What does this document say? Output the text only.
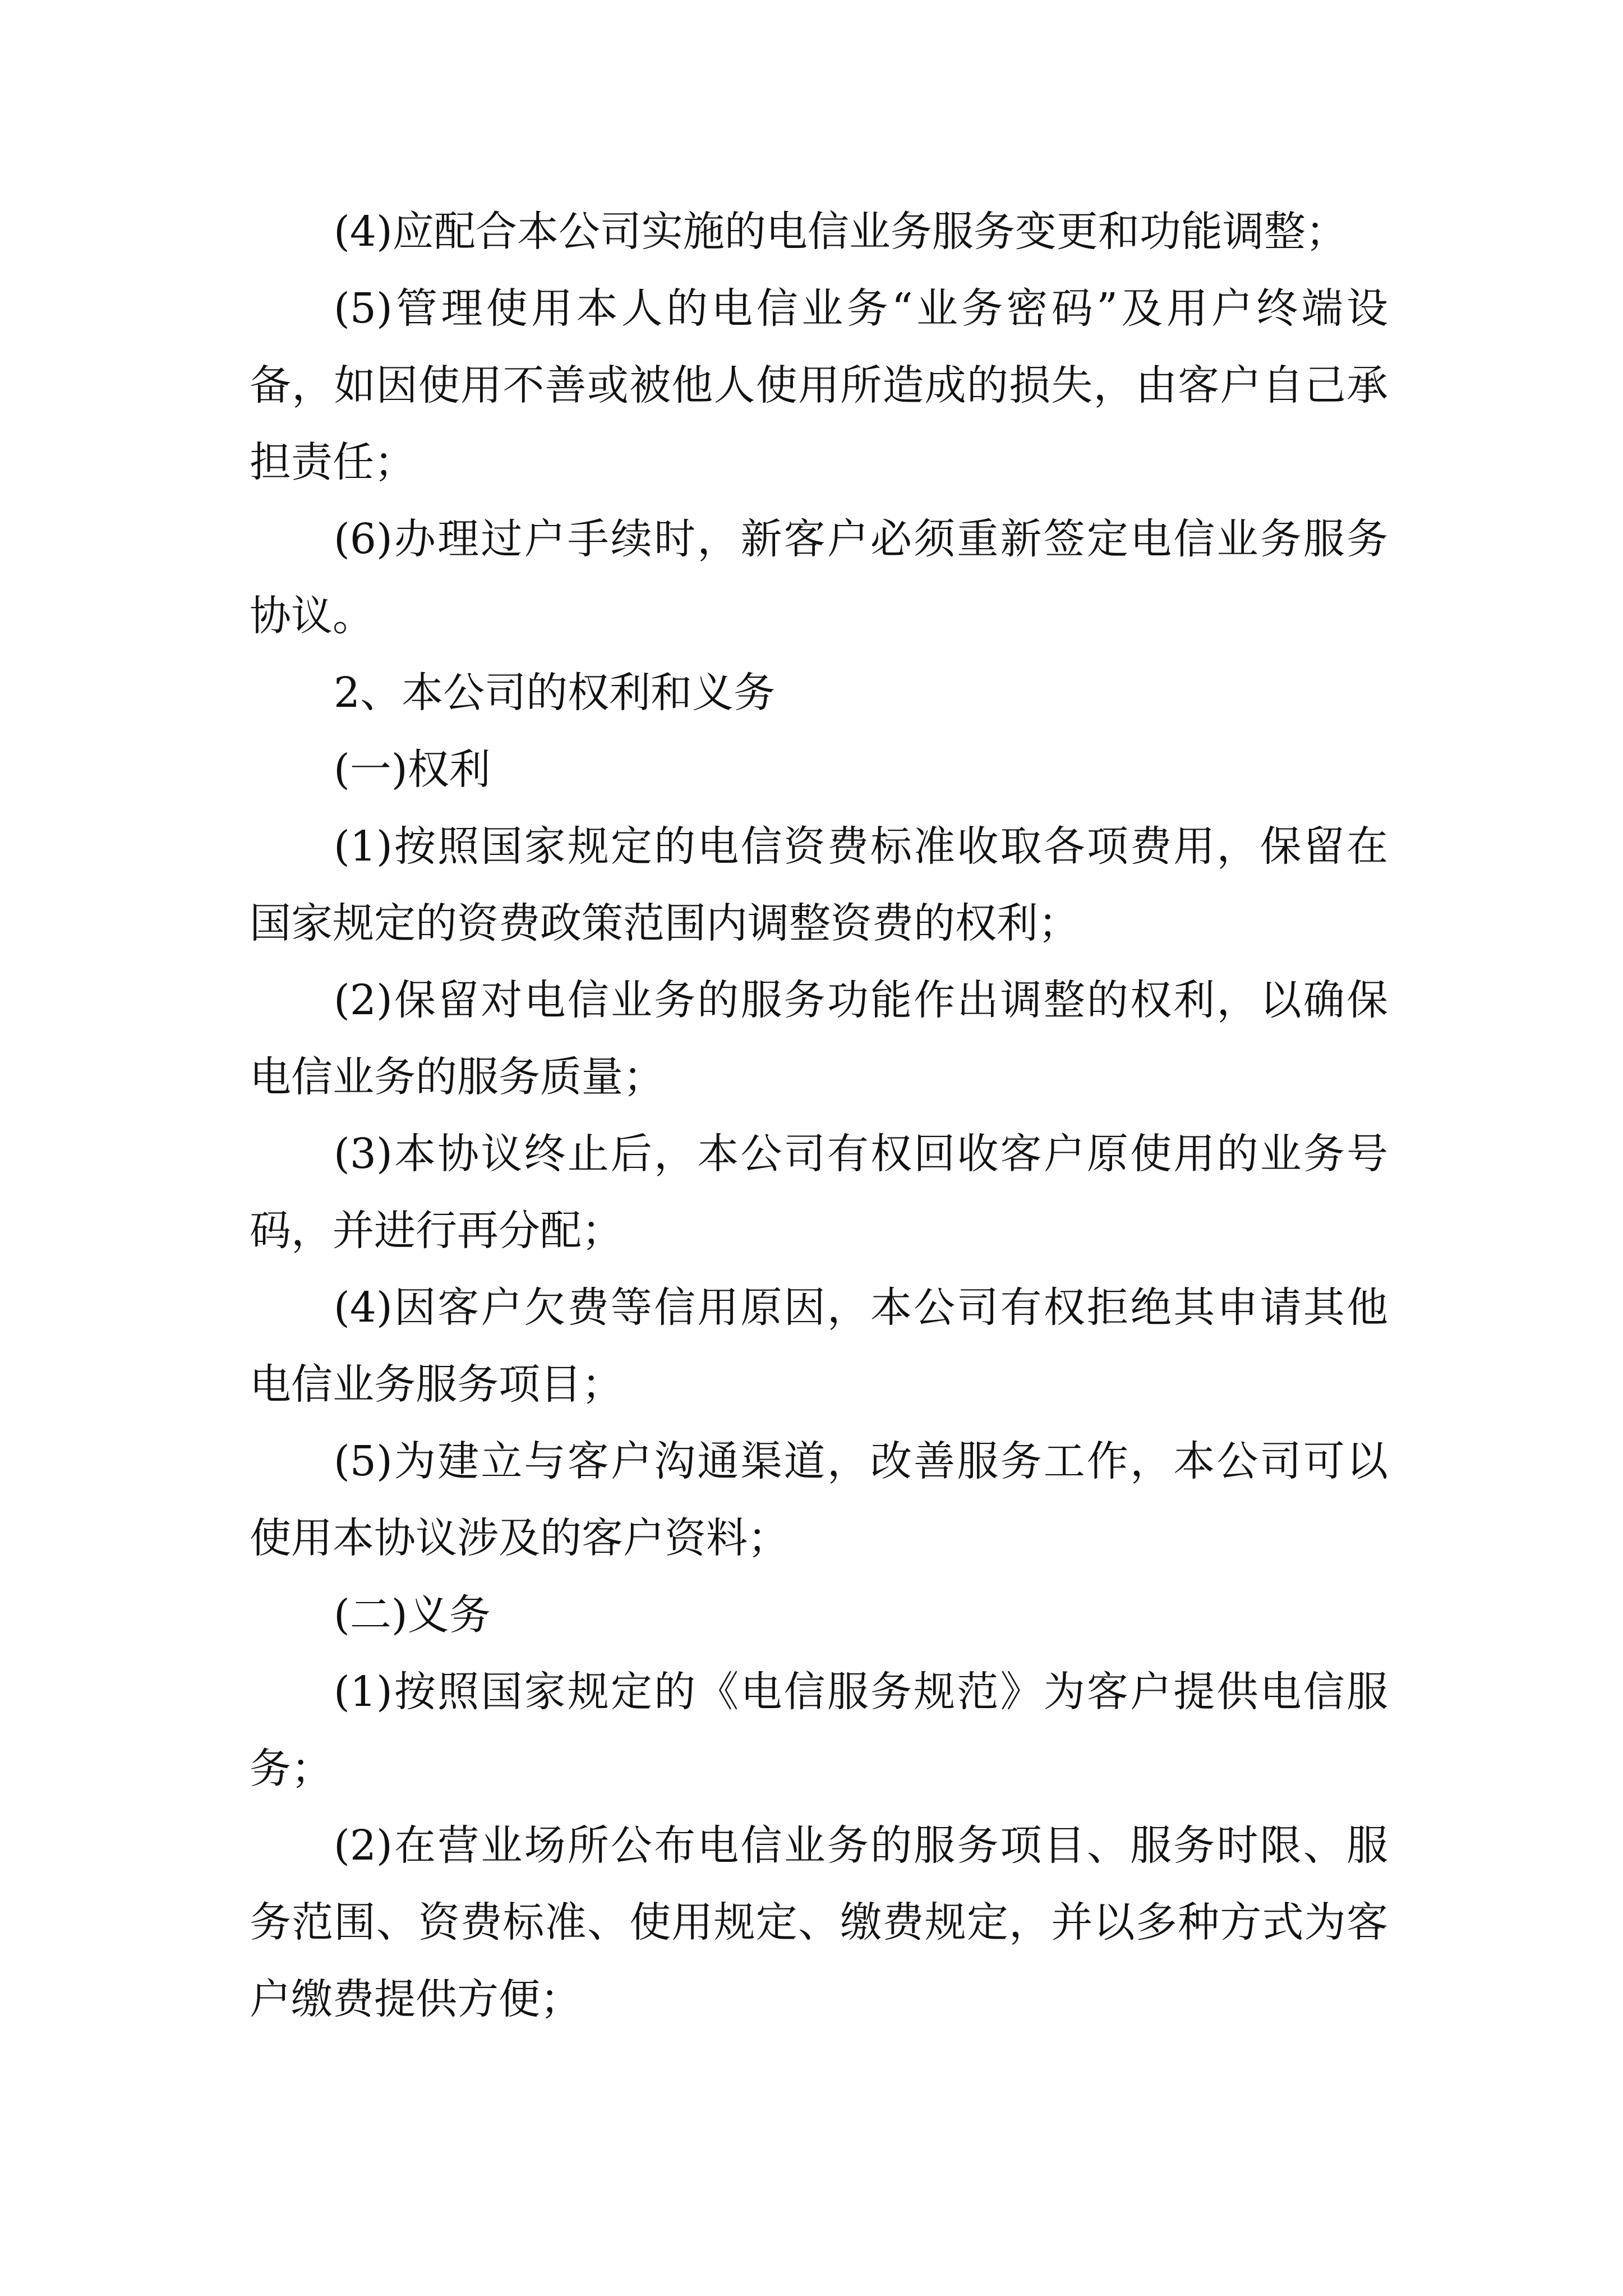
(4)应配合本公司实施的电信业务服务变更和功能调整；

(5)管理使用本人的电信业务“业务密码”及用户终端设备，如因使用不善或被他人使用所造成的损失，由客户自己承担责任；

(6)办理过户手续时，新客户必须重新签定电信业务服务协议。

2、本公司的权利和义务

(一)权利

(1)按照国家规定的电信资费标准收取各项费用，保留在国家规定的资费政策范围内调整资费的权利；

(2)保留对电信业务的服务功能作出调整的权利，以确保电信业务的服务质量；

(3)本协议终止后，本公司有权回收客户原使用的业务号码，并进行再分配；

(4)因客户欠费等信用原因，本公司有权拒绝其申请其他电信业务服务项目；

(5)为建立与客户沟通渠道，改善服务工作，本公司可以使用本协议涉及的客户资料；

(二)义务

(1)按照国家规定的《电信服务规范》为客户提供电信服务；

(2)在营业场所公布电信业务的服务项目、服务时限、服务范围、资费标准、使用规定、缴费规定，并以多种方式为客户缴费提供方便；
